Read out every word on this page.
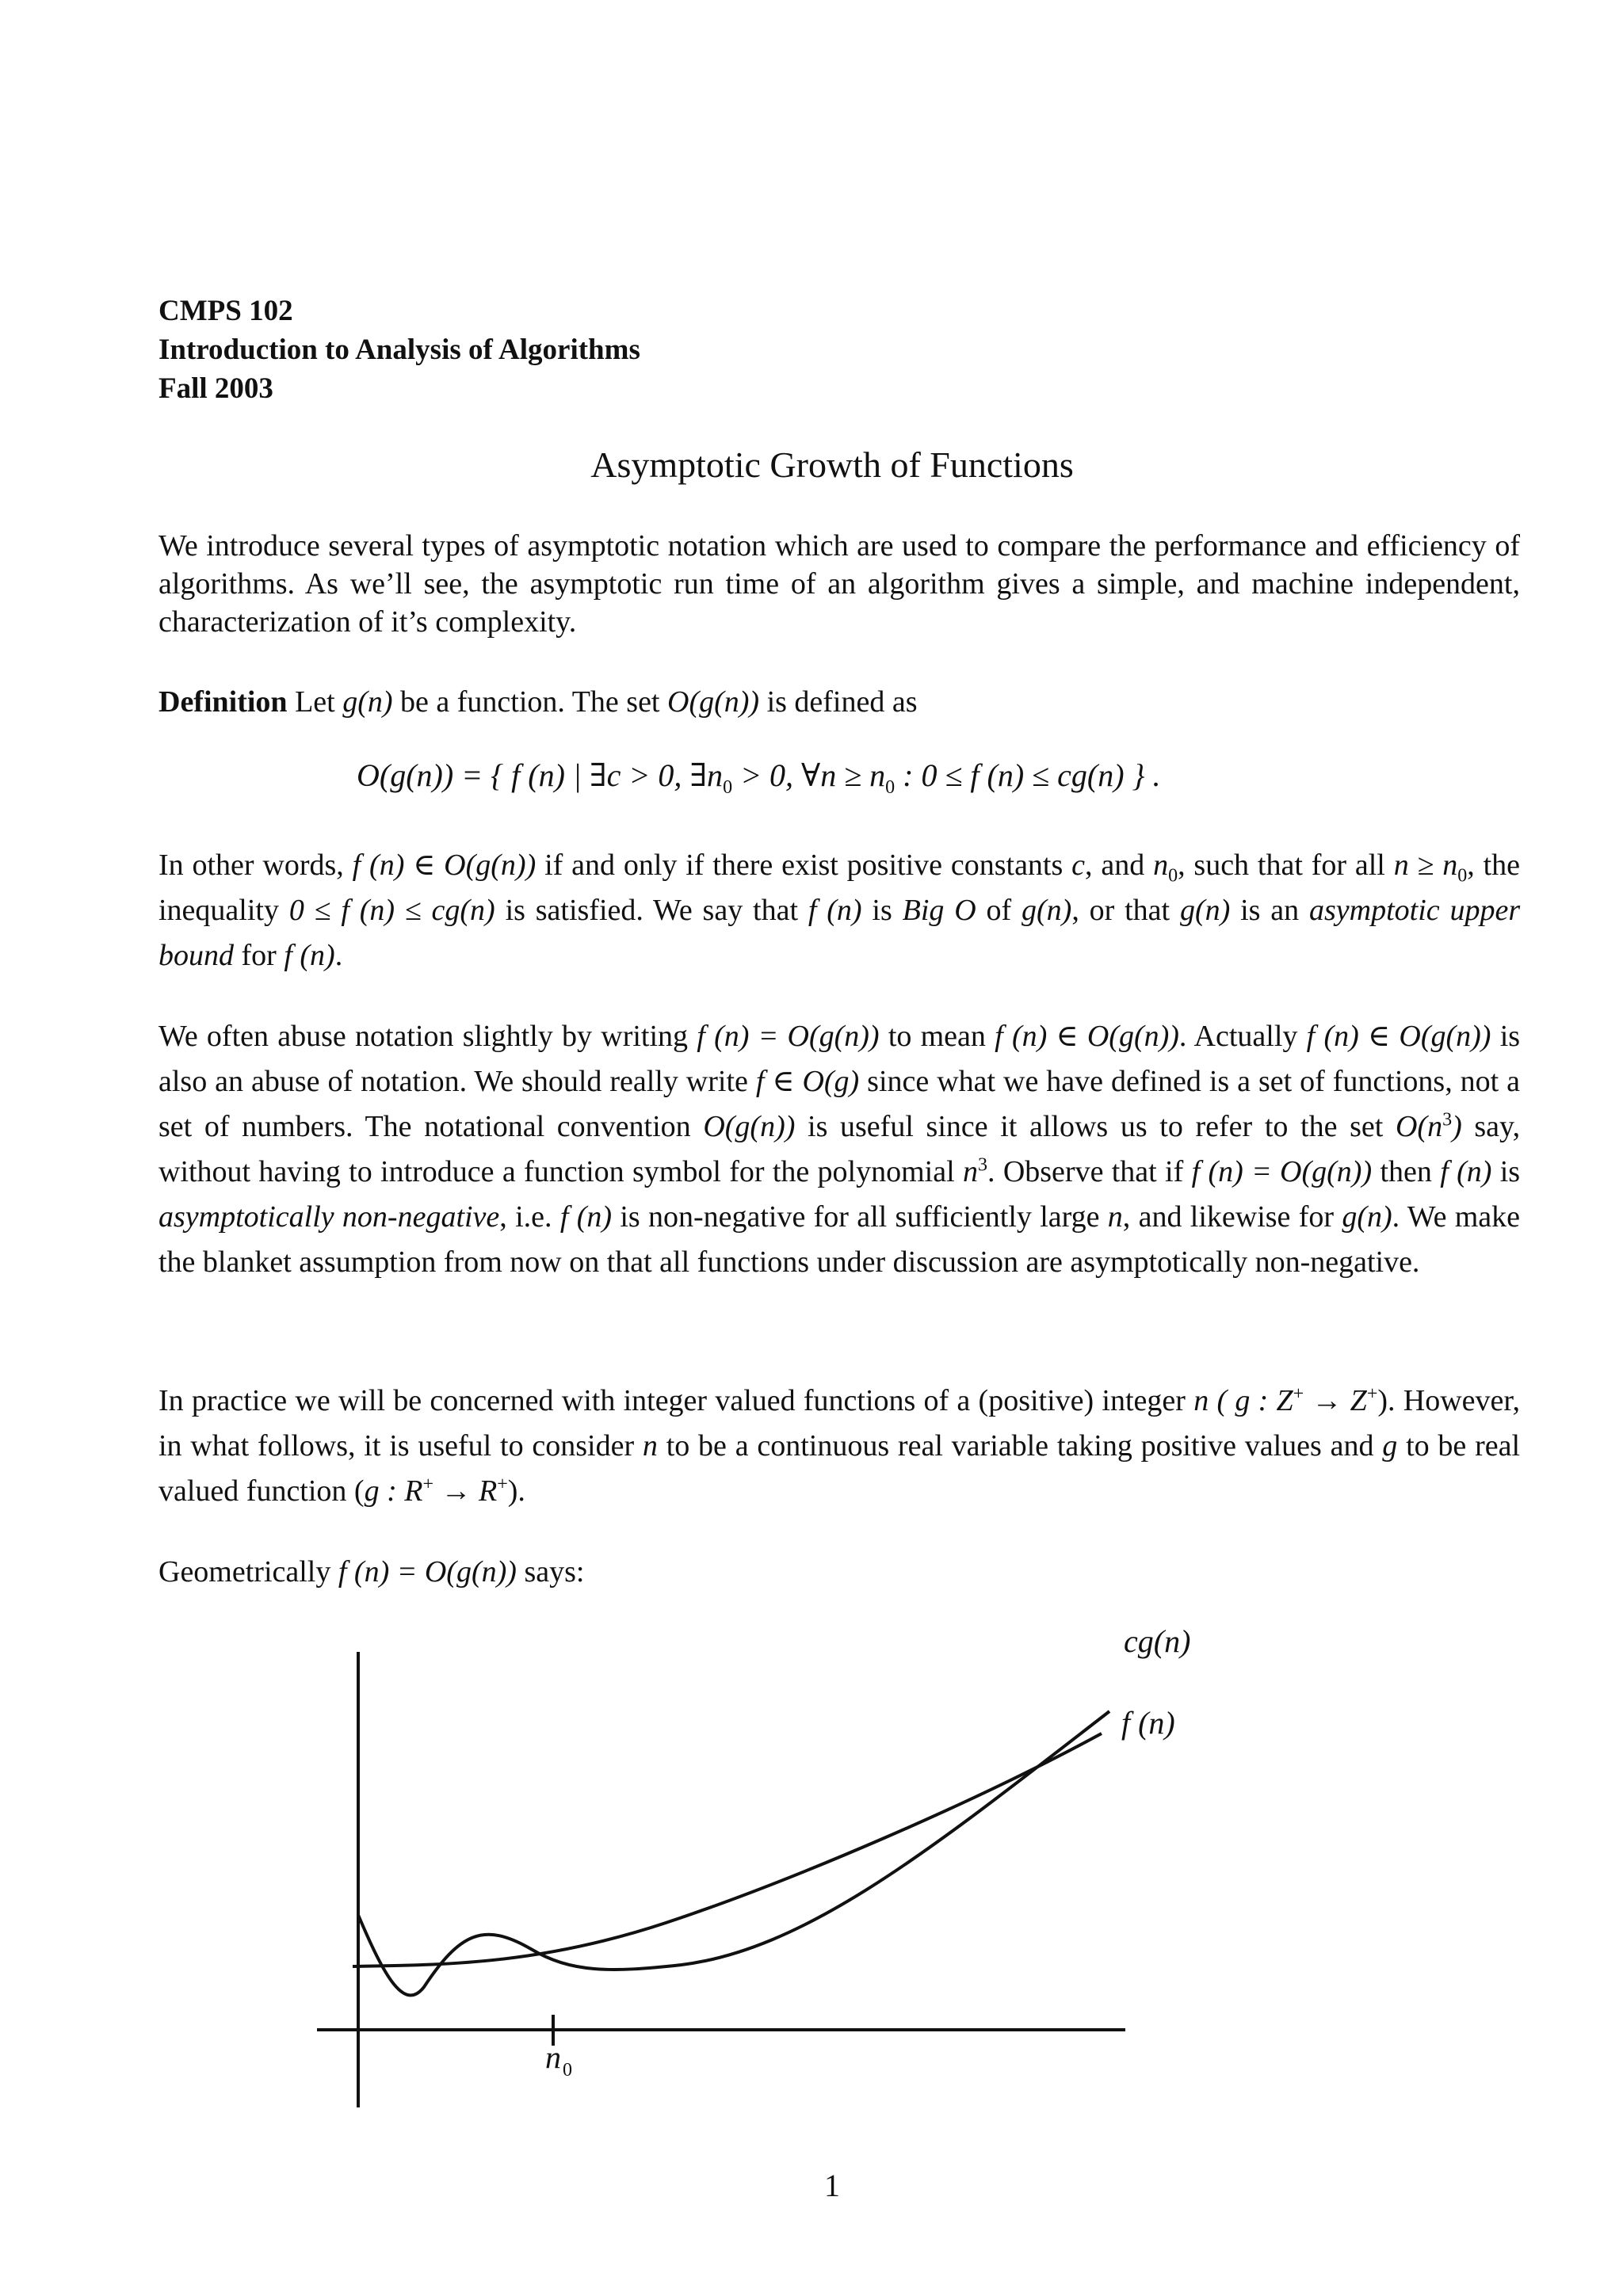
CMPS 102
Introduction to Analysis of Algorithms
Fall 2003
Asymptotic Growth of Functions
We introduce several types of asymptotic notation which are used to compare the performance and efficiency of algorithms. As we’ll see, the asymptotic run time of an algorithm gives a simple, and machine independent, characterization of it’s complexity.
Definition Let g(n) be a function. The set O(g(n)) is defined as
O(g(n)) = { f (n) | ∃c > 0, $\exists n_0 > 0$, ∀n ≥ $n_0$ : 0 ≤ f (n) ≤ cg(n) } .
In other words, f (n) ∈ O(g(n)) if and only if there exist positive constants c, and $n_0$, such that for all $n \ge n_0$, the inequality 0 ≤ f (n) ≤ cg(n) is satisfied. We say that f (n) is Big O of g(n), or that g(n) is an asymptotic upper bound for f (n).
We often abuse notation slightly by writing f (n) = O(g(n)) to mean f (n) ∈ O(g(n)). Actually f (n) ∈ O(g(n)) is also an abuse of notation. We should really write f ∈ O(g) since what we have defined is a set of functions, not a set of numbers. The notational convention O(g(n)) is useful since it allows us to refer to the set $O(n^3)$ say, without having to introduce a function symbol for the polynomial $n^3$. Observe that if f (n) = O(g(n)) then f (n) is asymptotically non-negative, i.e. f (n) is non-negative for all sufficiently large n, and likewise for g(n). We make the blanket assumption from now on that all functions under discussion are asymptotically non-negative.
In practice we will be concerned with integer valued functions of a (positive) integer n ( g : Z+ → Z+). However, in what follows, it is useful to consider n to be a continuous real variable taking positive values and g to be real valued function (g : R+ → R+).
Geometrically f (n) = O(g(n)) says:
f (n)
cg(n)
n 0
1
